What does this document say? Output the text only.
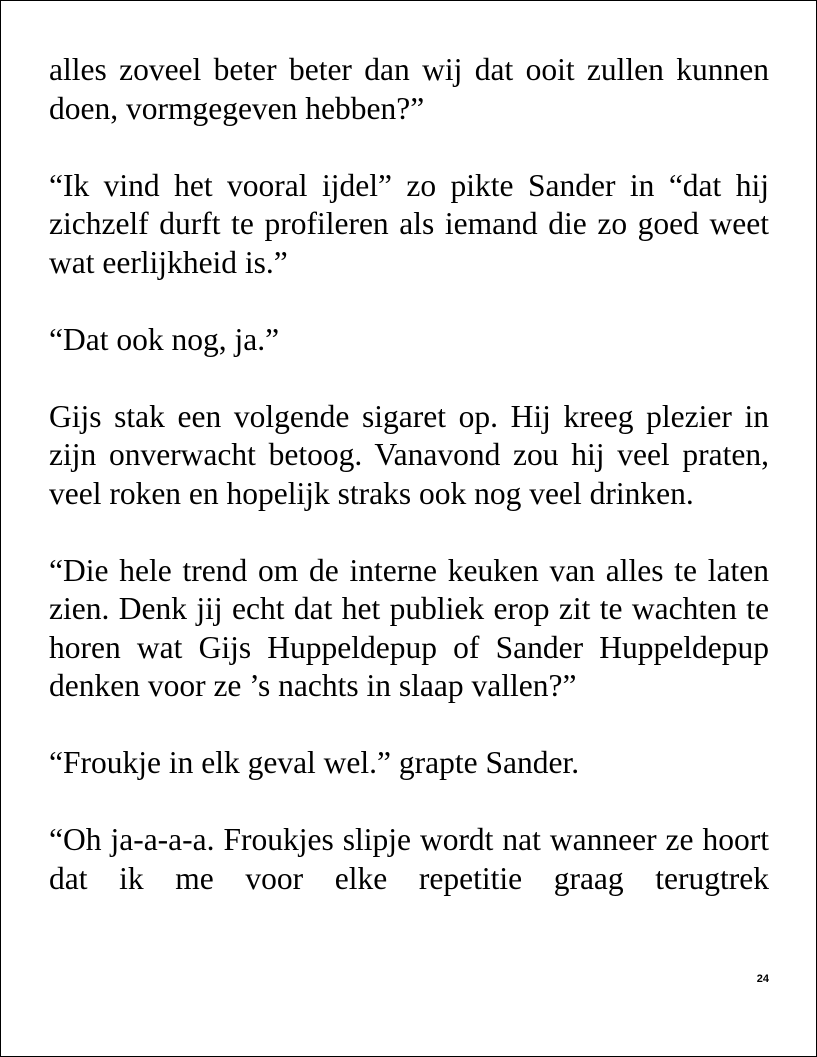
alles zoveel beter beter dan wij dat ooit zullen kunnen doen, vormgegeven hebben?”

“Ik vind het vooral ijdel” zo pikte Sander in “dat hij zichzelf durft te profileren als iemand die zo goed weet wat eerlijkheid is.”

“Dat ook nog, ja.”

Gijs stak een volgende sigaret op. Hij kreeg plezier in zijn onverwacht betoog. Vanavond zou hij veel praten, veel roken en hopelijk straks ook nog veel drinken.

“Die hele trend om de interne keuken van alles te laten zien. Denk jij echt dat het publiek erop zit te wachten te horen wat Gijs Huppeldepup of Sander Huppeldepup denken voor ze ’s nachts in slaap vallen?”

“Froukje in elk geval wel.” grapte Sander.

“Oh ja-a-a-a. Froukjes slipje wordt nat wanneer ze hoort dat ik me voor elke repetitie graag terugtrek

24
